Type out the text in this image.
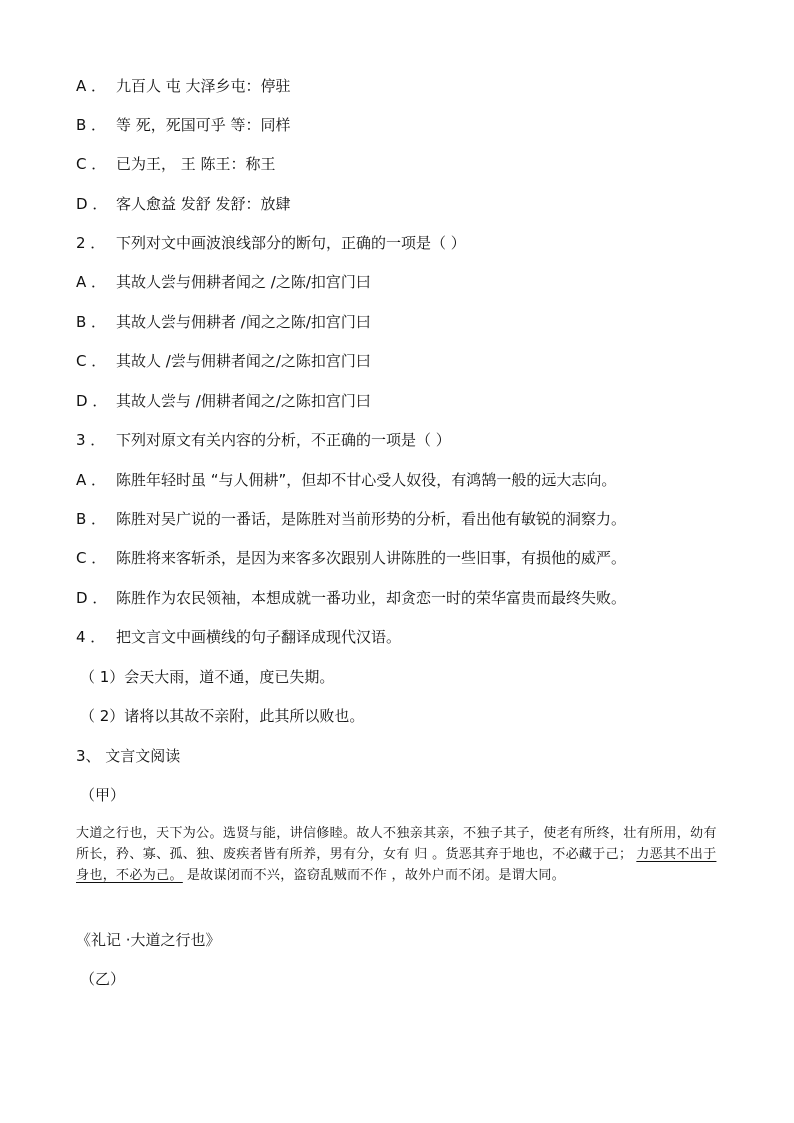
A ． 九百人 屯 大泽乡屯：停驻
B ． 等 死，死国可乎 等：同样
C ． 已为王， 王 陈王：称王
D ． 客人愈益 发舒 发舒：放肆
2 ． 下列对文中画波浪线部分的断句，正确的一项是（ ）
A ． 其故人尝与佣耕者闻之 /之陈/扣宫门曰
B ． 其故人尝与佣耕者 /闻之之陈/扣宫门曰
C ． 其故人 /尝与佣耕者闻之/之陈扣宫门曰
D ． 其故人尝与 /佣耕者闻之/之陈扣宫门曰
3 ． 下列对原文有关内容的分析，不正确的一项是（ ）
A ． 陈胜年轻时虽 “与人佣耕”，但却不甘心受人奴役，有鸿鹄一般的远大志向。
B ． 陈胜对吴广说的一番话，是陈胜对当前形势的分析，看出他有敏锐的洞察力。
C ． 陈胜将来客斩杀，是因为来客多次跟别人讲陈胜的一些旧事，有损他的威严。
D ． 陈胜作为农民领袖，本想成就一番功业，却贪恋一时的荣华富贵而最终失败。
4 ． 把文言文中画横线的句子翻译成现代汉语。
（ 1）会天大雨，道不通，度已失期。
（ 2）诸将以其故不亲附，此其所以败也。
3、 文言文阅读
（甲）
大道之行也，天下为公。选贤与能，讲信修睦。故人不独亲其亲，不独子其子，使老有所终，壮有所用，幼有所长，矜、寡、孤、独、废疾者皆有所养，男有分，女有 归 。货恶其弃于地也，不必藏于己； 力恶其不出于身也，不必为己。 是故谋闭而不兴，盗窃乱贼而不作 ，故外户而不闭。是谓大同。
《礼记 ·大道之行也》
（乙）
